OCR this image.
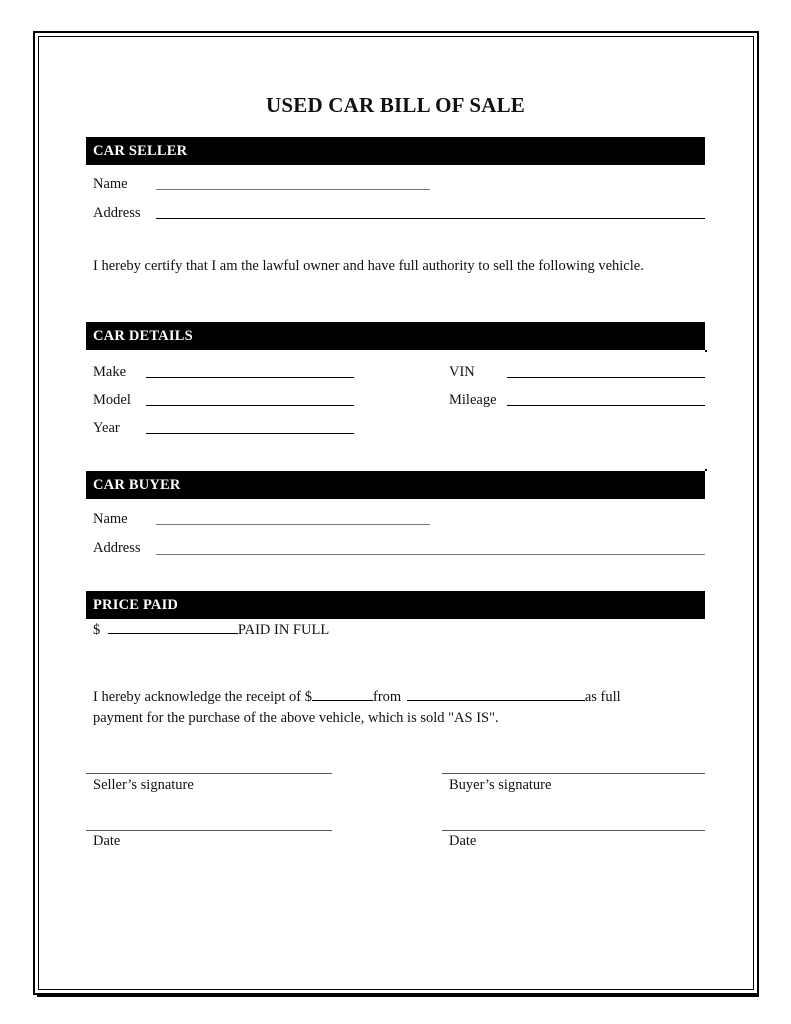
USED CAR BILL OF SALE
CAR SELLER
Name
Address
I hereby certify that I am the lawful owner and have full authority to sell the following vehicle.
CAR DETAILS
Make	VIN
Model	Mileage
Year
CAR BUYER
Name
Address
PRICE PAID
$	PAID IN FULL
I hereby acknowledge the receipt of $	from	as full
payment for the purchase of the above vehicle, which is sold "AS IS".
Seller’s signature	Buyer’s signature
Date	Date
